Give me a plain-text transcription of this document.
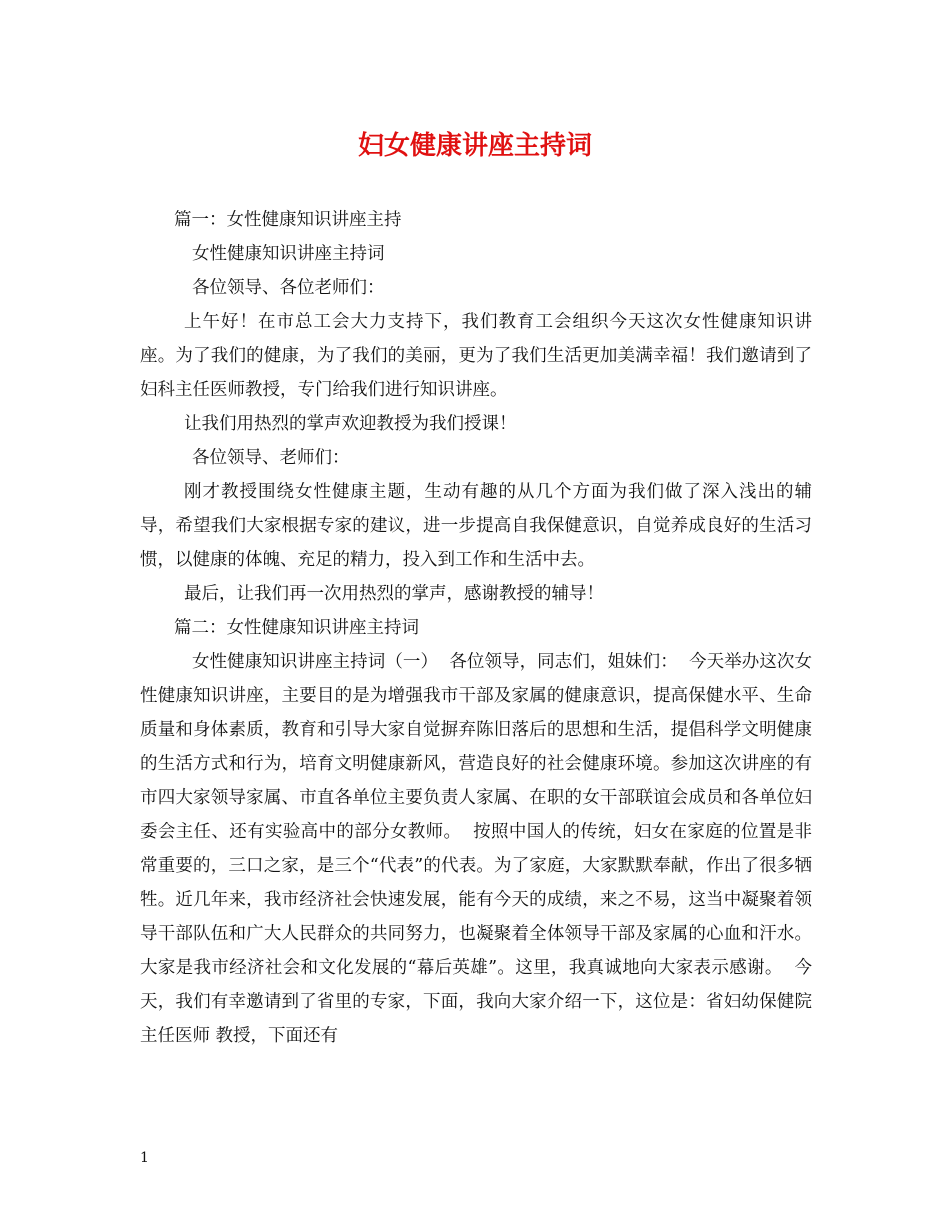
妇女健康讲座主持词

篇一：女性健康知识讲座主持

女性健康知识讲座主持词

各位领导、各位老师们：

上午好！在市总工会大力支持下，我们教育工会组织今天这次女性健康知识讲座。为了我们的健康，为了我们的美丽，更为了我们生活更加美满幸福！我们邀请到了妇科主任医师教授，专门给我们进行知识讲座。

让我们用热烈的掌声欢迎教授为我们授课！

各位领导、老师们：

刚才教授围绕女性健康主题，生动有趣的从几个方面为我们做了深入浅出的辅导，希望我们大家根据专家的建议，进一步提高自我保健意识，自觉养成良好的生活习惯，以健康的体魄、充足的精力，投入到工作和生活中去。

最后，让我们再一次用热烈的掌声，感谢教授的辅导！

篇二：女性健康知识讲座主持词

女性健康知识讲座主持词（一）  各位领导，同志们，姐妹们：  今天举办这次女性健康知识讲座，主要目的是为增强我市干部及家属的健康意识，提高保健水平、生命质量和身体素质，教育和引导大家自觉摒弃陈旧落后的思想和生活，提倡科学文明健康的生活方式和行为，培育文明健康新风，营造良好的社会健康环境。参加这次讲座的有市四大家领导家属、市直各单位主要负责人家属、在职的女干部联谊会成员和各单位妇委会主任、还有实验高中的部分女教师。  按照中国人的传统，妇女在家庭的位置是非常重要的，三口之家，是三个“代表”的代表。为了家庭，大家默默奉献，作出了很多牺牲。近几年来，我市经济社会快速发展，能有今天的成绩，来之不易，这当中凝聚着领导干部队伍和广大人民群众的共同努力，也凝聚着全体领导干部及家属的心血和汗水。大家是我市经济社会和文化发展的“幕后英雄”。这里，我真诚地向大家表示感谢。  今天，我们有幸邀请到了省里的专家，下面，我向大家介绍一下，这位是：省妇幼保健院主任医师 教授，下面还有

1
